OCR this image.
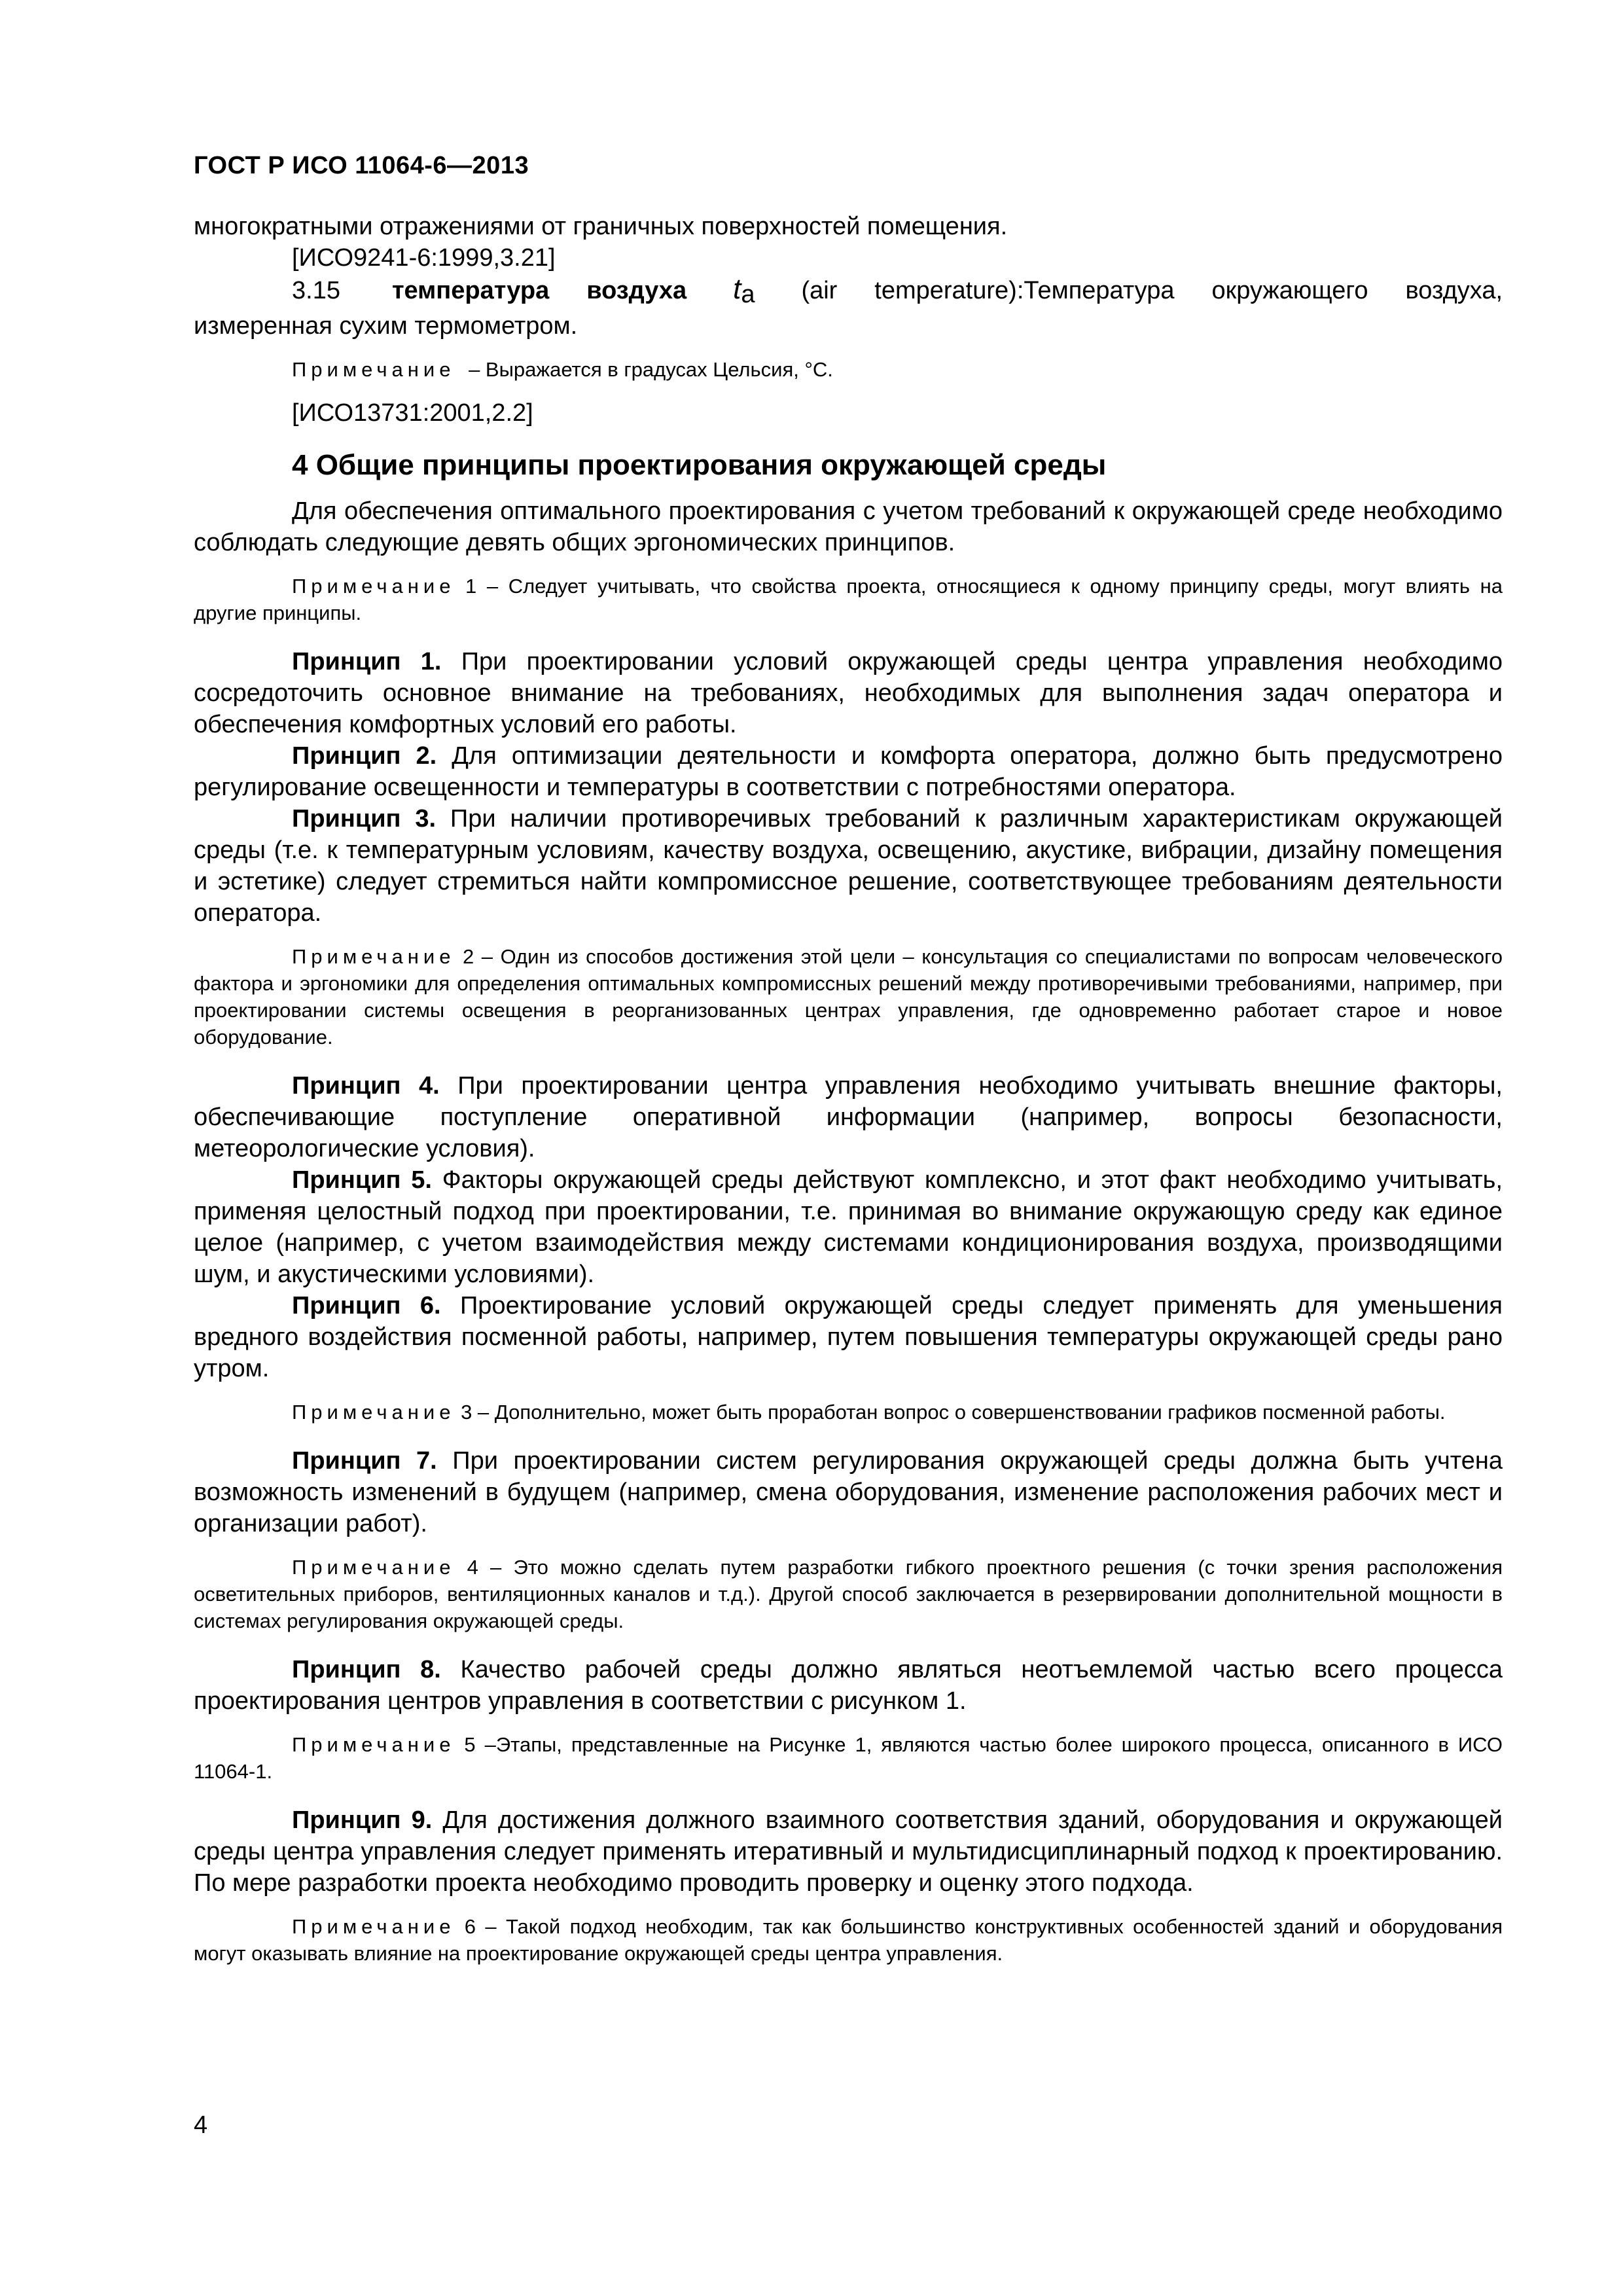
ГОСТ Р ИСО 11064-6—2013

многократными отражениями от граничных поверхностей помещения.

[ИСО9241-6:1999,3.21]

3.15 температура воздуха $t_a$ (air temperature):Температура окружающего воздуха,

измеренная сухим термометром.

Примечание – Выражается в градусах Цельсия, °С.

[ИСО13731:2001,2.2]

4 Общие принципы проектирования окружающей среды

Для обеспечения оптимального проектирования с учетом требований к окружающей среде необходимо соблюдать следующие девять общих эргономических принципов.

Примечание 1 – Следует учитывать, что свойства проекта, относящиеся к одному принципу среды, могут влиять на другие принципы.

Принцип 1. При проектировании условий окружающей среды центра управления необходимо сосредоточить основное внимание на требованиях, необходимых для выполнения задач оператора и обеспечения комфортных условий его работы.

Принцип 2. Для оптимизации деятельности и комфорта оператора, должно быть предусмотрено регулирование освещенности и температуры в соответствии с потребностями оператора.

Принцип 3. При наличии противоречивых требований к различным характеристикам окружающей среды (т.е. к температурным условиям, качеству воздуха, освещению, акустике, вибрации, дизайну помещения и эстетике) следует стремиться найти компромиссное решение, соответствующее требованиям деятельности оператора.

Примечание 2 – Один из способов достижения этой цели – консультация со специалистами по вопросам человеческого фактора и эргономики для определения оптимальных компромиссных решений между противоречивыми требованиями, например, при проектировании системы освещения в реорганизованных центрах управления, где одновременно работает старое и новое оборудование.

Принцип 4. При проектировании центра управления необходимо учитывать внешние факторы, обеспечивающие поступление оперативной информации (например, вопросы безопасности, метеорологические условия).

Принцип 5. Факторы окружающей среды действуют комплексно, и этот факт необходимо учитывать, применяя целостный подход при проектировании, т.е. принимая во внимание окружающую среду как единое целое (например, с учетом взаимодействия между системами кондиционирования воздуха, производящими шум, и акустическими условиями).

Принцип 6. Проектирование условий окружающей среды следует применять для уменьшения вредного воздействия посменной работы, например, путем повышения температуры окружающей среды рано утром.

Примечание 3 – Дополнительно, может быть проработан вопрос о совершенствовании графиков посменной работы.

Принцип 7. При проектировании систем регулирования окружающей среды должна быть учтена возможность изменений в будущем (например, смена оборудования, изменение расположения рабочих мест и организации работ).

Примечание 4 – Это можно сделать путем разработки гибкого проектного решения (с точки зрения расположения осветительных приборов, вентиляционных каналов и т.д.). Другой способ заключается в резервировании дополнительной мощности в системах регулирования окружающей среды.

Принцип 8. Качество рабочей среды должно являться неотъемлемой частью всего процесса проектирования центров управления в соответствии с рисунком 1.

Примечание 5 –Этапы, представленные на Рисунке 1, являются частью более широкого процесса, описанного в ИСО 11064-1.

Принцип 9. Для достижения должного взаимного соответствия зданий, оборудования и окружающей среды центра управления следует применять итеративный и мультидисциплинарный подход к проектированию. По мере разработки проекта необходимо проводить проверку и оценку этого подхода.

Примечание 6 – Такой подход необходим, так как большинство конструктивных особенностей зданий и оборудования могут оказывать влияние на проектирование окружающей среды центра управления.

4
